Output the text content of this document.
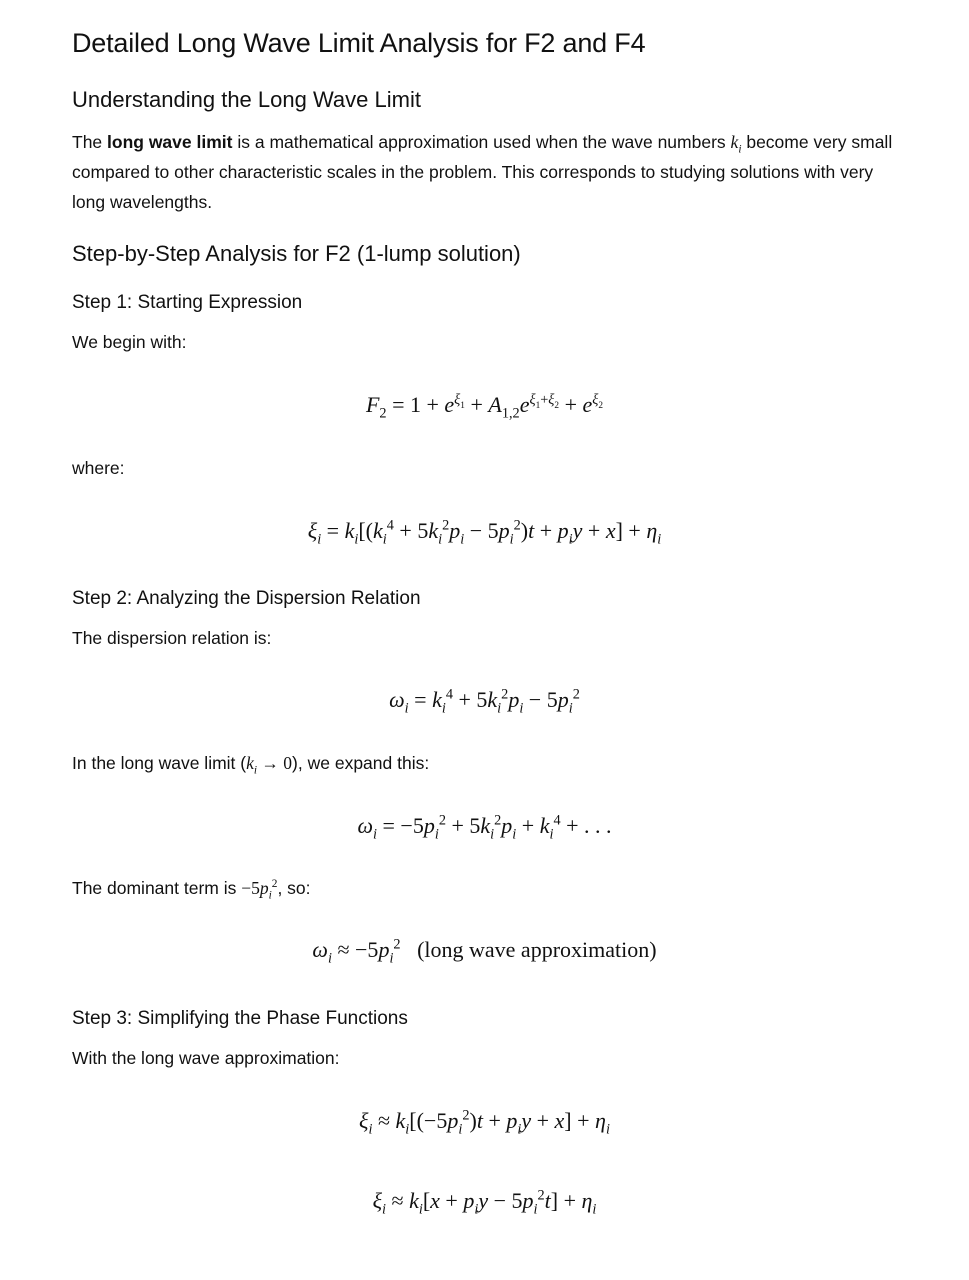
Detailed Long Wave Limit Analysis for F2 and F4
Understanding the Long Wave Limit

The long wave limit is a mathematical approximation used when the wave numbers $k_i$ become very small compared to other characteristic scales in the problem. This corresponds to studying solutions with very long wavelengths.

Step-by-Step Analysis for F2 (1-lump solution)
Step 1: Starting Expression

We begin with:

$F_2 = 1 + e^{\xi_1} + A_{1,2}e^{\xi_1+\xi_2} + e^{\xi_2}$

where:

$\xi_i = k_i[(k_i^4 + 5k_i^2p_i - 5p_i^2)t + p_iy + x] + \eta_i$
Step 2: Analyzing the Dispersion Relation

The dispersion relation is:

$\omega_i = k_i^4 + 5k_i^2p_i - 5p_i^2$

In the long wave limit $(k_i \to 0)$, we expand this:

$\omega_i = -5p_i^2 + 5k_i^2p_i + k_i^4$ + . . .

The dominant term is $-5p_i^2$, so:

$\omega_i \approx -5p_i^2$ (long wave approximation)
Step 3: Simplifying the Phase Functions

With the long wave approximation:

$\xi_i \approx k_i[(-5p_i^2)t + p_iy + x] + \eta_i$
$\xi_i \approx k_i[x + p_iy - 5p_i^2t] + \eta_i$
